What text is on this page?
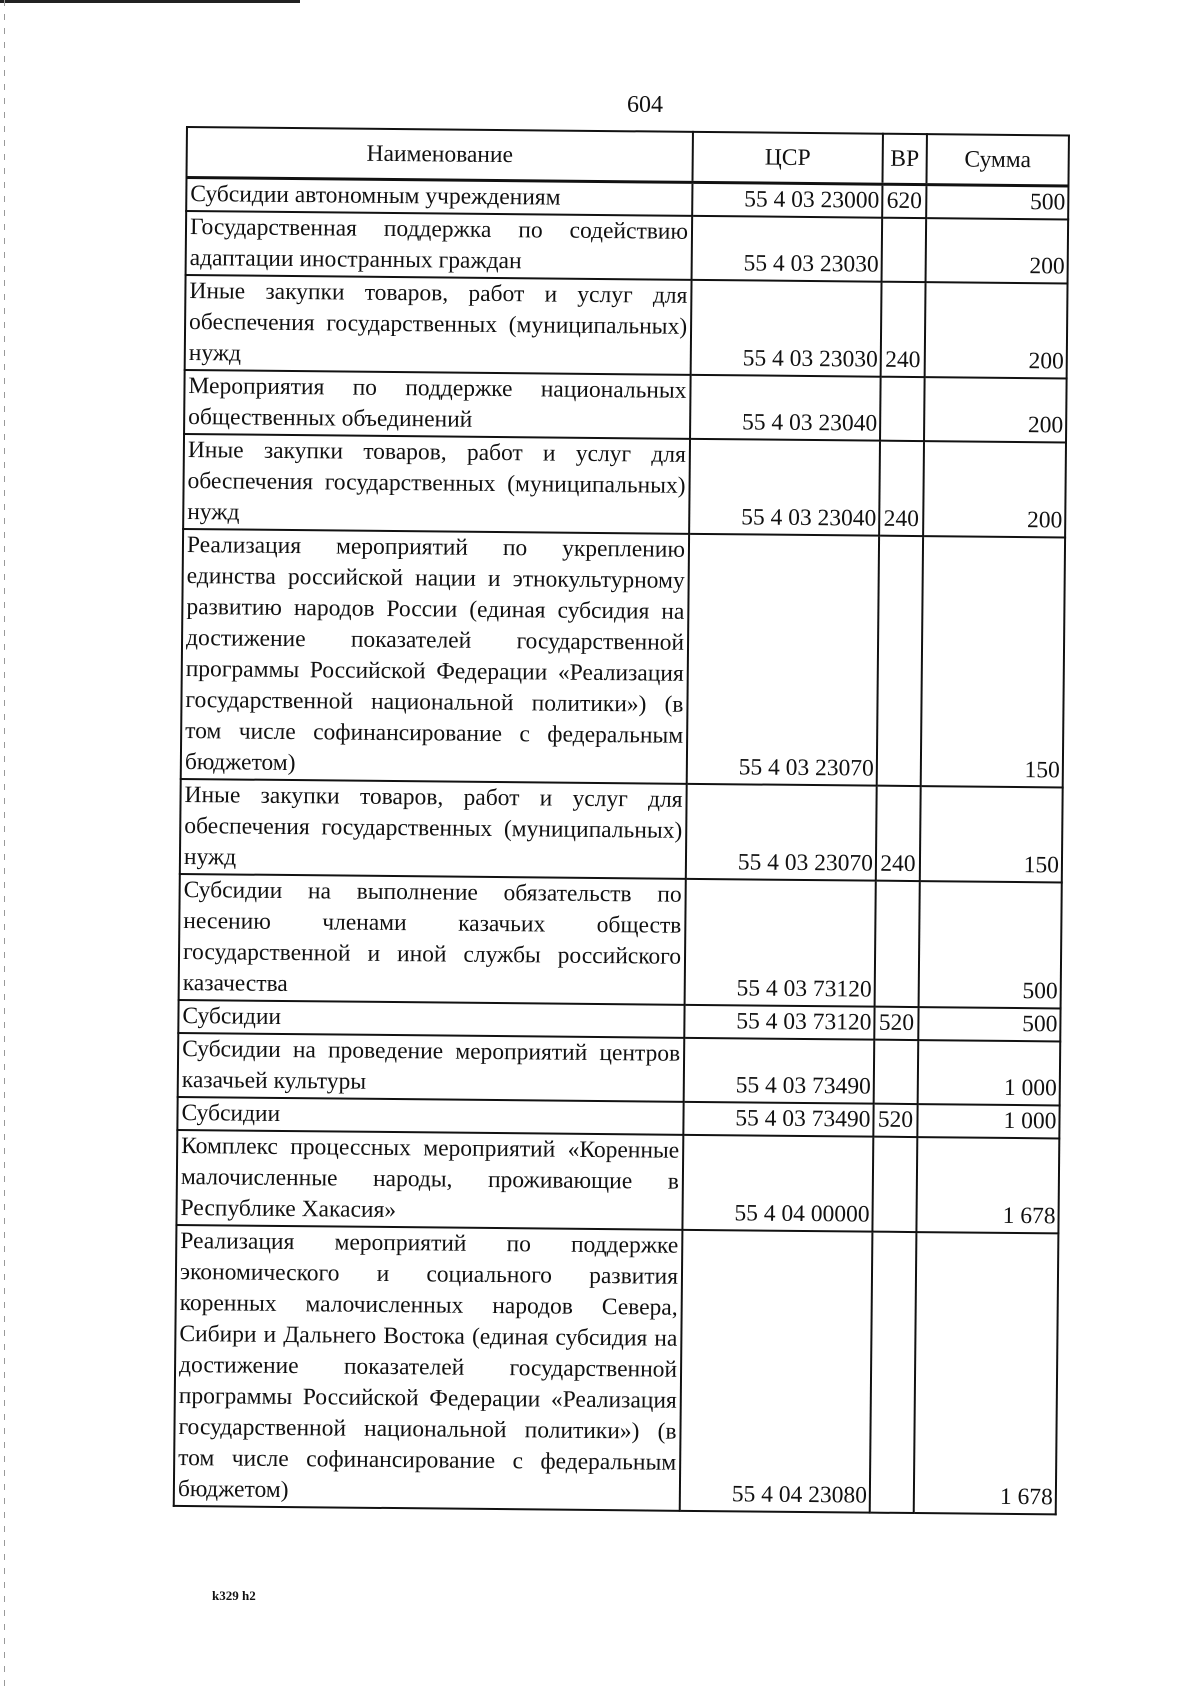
604
Наименование	ЦСР	ВР	Сумма
Субсидии автономным учреждениям	55 4 03 23000	620	500
Государственная поддержка по содействию адаптации иностранных граждан	55 4 03 23030		200
Иные закупки товаров, работ и услуг для обеспечения государственных (муниципальных) нужд	55 4 03 23030	240	200
Мероприятия по поддержке национальных общественных объединений	55 4 03 23040		200
Иные закупки товаров, работ и услуг для обеспечения государственных (муниципальных) нужд	55 4 03 23040	240	200
Реализация мероприятий по укреплению единства российской нации и этнокультурному развитию народов России (единая субсидия на достижение показателей государственной программы Российской Федерации «Реализация государственной национальной политики») (в том числе софинансирование с федеральным бюджетом)	55 4 03 23070		150
Иные закупки товаров, работ и услуг для обеспечения государственных (муниципальных) нужд	55 4 03 23070	240	150
Субсидии на выполнение обязательств по несению членами казачьих обществ государственной и иной службы российского казачества	55 4 03 73120		500
Субсидии	55 4 03 73120	520	500
Субсидии на проведение мероприятий центров казачьей культуры	55 4 03 73490		1 000
Субсидии	55 4 03 73490	520	1 000
Комплекс процессных мероприятий «Коренные малочисленные народы, проживающие в Республике Хакасия»	55 4 04 00000		1 678
Реализация мероприятий по поддержке экономического и социального развития коренных малочисленных народов Севера, Сибири и Дальнего Востока (единая субсидия на достижение показателей государственной программы Российской Федерации «Реализация государственной национальной политики») (в том числе софинансирование с федеральным бюджетом)	55 4 04 23080		1 678
k329 h2
